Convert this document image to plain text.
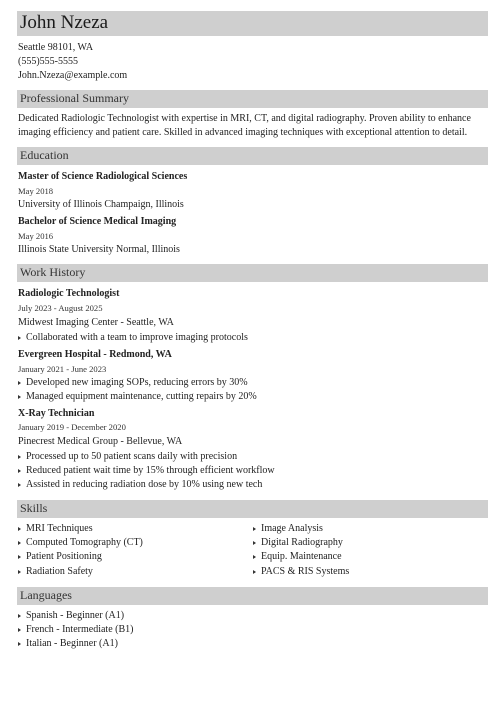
John Nzeza
Seattle 98101, WA
(555)555-5555
John.Nzeza@example.com
Professional Summary
Dedicated Radiologic Technologist with expertise in MRI, CT, and digital radiography. Proven ability to enhance imaging efficiency and patient care. Skilled in advanced imaging techniques with exceptional attention to detail.
Education
Master of Science Radiological Sciences
May 2018
University of Illinois Champaign, Illinois
Bachelor of Science Medical Imaging
May 2016
Illinois State University Normal, Illinois
Work History
Radiologic Technologist
July 2023 - August 2025
Midwest Imaging Center - Seattle, WA
Collaborated with a team to improve imaging protocols
Evergreen Hospital - Redmond, WA
January 2021 - June 2023
Developed new imaging SOPs, reducing errors by 30%
Managed equipment maintenance, cutting repairs by 20%
X-Ray Technician
January 2019 - December 2020
Pinecrest Medical Group - Bellevue, WA
Processed up to 50 patient scans daily with precision
Reduced patient wait time by 15% through efficient workflow
Assisted in reducing radiation dose by 10% using new tech
Skills
MRI Techniques
Computed Tomography (CT)
Patient Positioning
Radiation Safety
Image Analysis
Digital Radiography
Equip. Maintenance
PACS & RIS Systems
Languages
Spanish - Beginner (A1)
French - Intermediate (B1)
Italian - Beginner (A1)
